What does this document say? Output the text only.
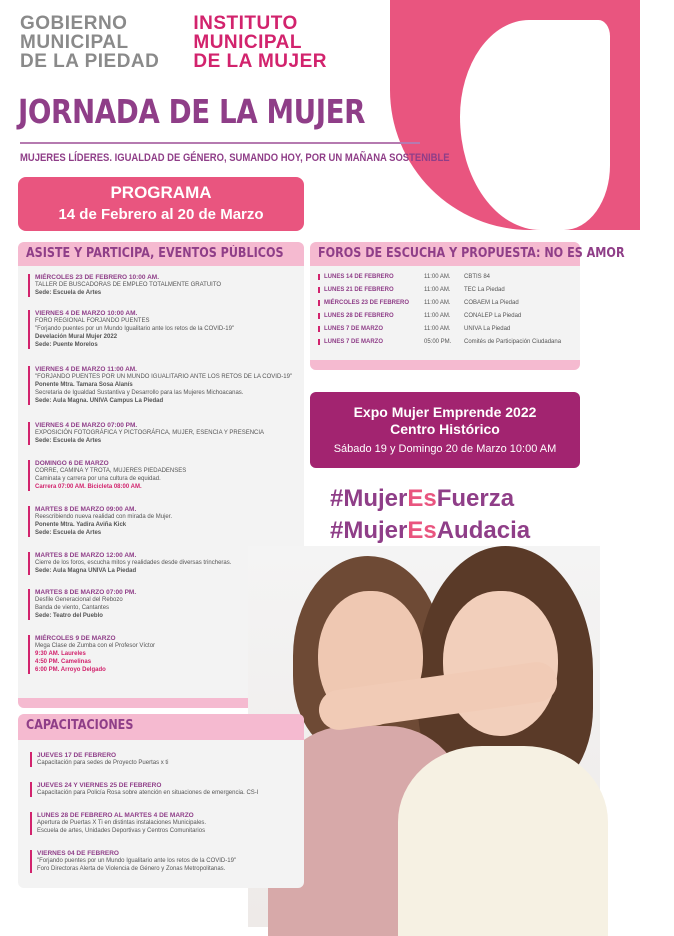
GOBIERNO
MUNICIPAL
DE LA PIEDAD
INSTITUTO
MUNICIPAL
DE LA MUJER
JORNADA DE LA MUJER
MUJERES LÍDERES. IGUALDAD DE GÉNERO, SUMANDO HOY, POR UN MAÑANA SOSTENIBLE
PROGRAMA
14 de Febrero al 20 de Marzo
ASISTE Y PARTICIPA, EVENTOS PÚBLICOS
MIÉRCOLES 23 DE FEBRERO 10:00 AM.
TALLER DE BUSCADORAS DE EMPLEO TOTALMENTE GRATUITO
Sede: Escuela de Artes
VIERNES 4 DE MARZO 10:00 AM.
FORO REGIONAL FORJANDO PUENTES
"Forjando puentes por un Mundo Igualitario ante los retos de la COVID-19"
Develación Mural Mujer 2022
Sede: Puente Morelos
VIERNES 4 DE MARZO 11:00 AM.
"FORJANDO PUENTES POR UN MUNDO IGUALITARIO ANTE LOS RETOS DE LA COVID-19"
Ponente Mtra. Tamara Sosa Alanís
Secretaria de Igualdad Sustantiva y Desarrollo para las Mujeres Michoacanas.
Sede: Aula Magna. UNIVA Campus La Piedad
VIERNES 4 DE MARZO 07:00 PM.
EXPOSICIÓN FOTOGRÁFICA Y PICTOGRÁFICA, MUJER, ESENCIA Y PRESENCIA
Sede: Escuela de Artes
DOMINGO 6 DE MARZO
CORRE, CAMINA Y TROTA, MUJERES PIEDADENSES
Caminata y carrera por una cultura de equidad.
Carrera 07:00 AM. Bicicleta 08:00 AM.
MARTES 8 DE MARZO 09:00 AM.
Reescribiendo nueva realidad con mirada de Mujer.
Ponente Mtra. Yadira Aviña Kick
Sede: Escuela de Artes
MARTES 8 DE MARZO 12:00 AM.
Cierre de los foros, escucha mitos y realidades desde diversas trincheras.
Sede: Aula Magna UNIVA La Piedad
MARTES 8 DE MARZO 07:00 PM.
Desfile Generacional del Rebozo
Banda de viento, Cantantes
Sede: Teatro del Pueblo
MIÉRCOLES 9 DE MARZO
Mega Clase de Zumba con el Profesor Víctor
9:30 AM. Laureles
4:50 PM. Camelinas
6:00 PM. Arroyo Delgado
FOROS DE ESCUCHA Y PROPUESTA: NO ES AMOR
LUNES 14 DE FEBRERO	11:00 AM. CBTIS 84
LUNES 21 DE FEBRERO	11:00 AM. TEC La Piedad
MIÉRCOLES 23 DE FEBRERO 11:00 AM. COBAEM La Piedad
LUNES 28 DE FEBRERO	11:00 AM. CONALEP La Piedad
LUNES 7 DE MARZO	11:00 AM. UNIVA La Piedad
LUNES 7 DE MARZO	05:00 PM. Comités de Participación Ciudadana
Expo Mujer Emprende 2022
Centro Histórico
Sábado 19 y Domingo 20 de Marzo 10:00 AM
#MujerEsFuerza
#MujerEsAudacia
CAPACITACIONES
JUEVES 17 DE FEBRERO
Capacitación para sedes de Proyecto Puertas x ti
JUEVES 24 Y VIERNES 25 DE FEBRERO
Capacitación para Policía Rosa sobre atención en situaciones de emergencia. CS-I
LUNES 28 DE FEBRERO AL MARTES 4 DE MARZO
Apertura de Puertas X Ti en distintas instalaciones Municipales.
Escuela de artes, Unidades Deportivas y Centros Comunitarios
VIERNES 04 DE FEBRERO
"Forjando puentes por un Mundo Igualitario ante los retos de la COVID-19"
Foro Directoras Alerta de Violencia de Género y Zonas Metropolitanas.
